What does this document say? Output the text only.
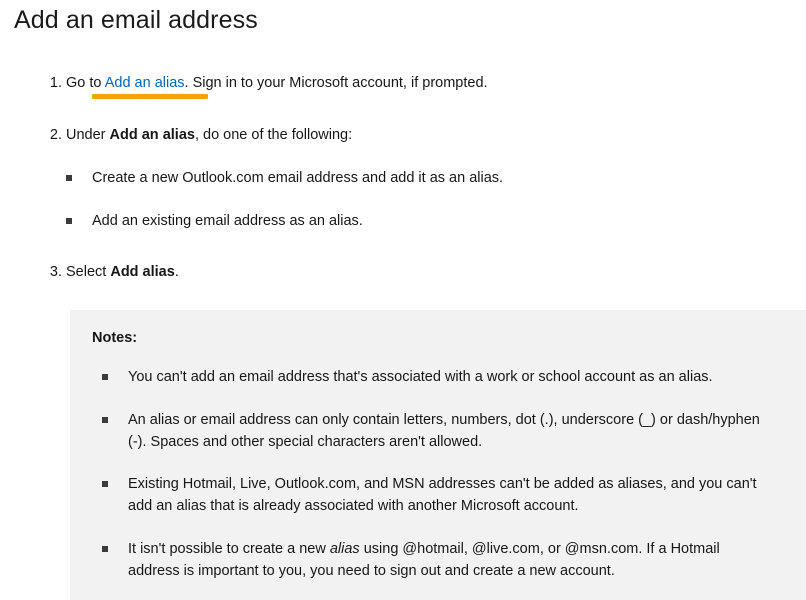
Add an email address
1. Go to Add an alias. Sign in to your Microsoft account, if prompted.
2. Under Add an alias, do one of the following:
Create a new Outlook.com email address and add it as an alias.
Add an existing email address as an alias.
3. Select Add alias.

Notes:

You can't add an email address that's associated with a work or school account as an alias.
An alias or email address can only contain letters, numbers, dot (.), underscore (_) or dash/hyphen (-). Spaces and other special characters aren't allowed.
Existing Hotmail, Live, Outlook.com, and MSN addresses can't be added as aliases, and you can't add an alias that is already associated with another Microsoft account.
It isn't possible to create a new alias using @hotmail, @live.com, or @msn.com. If a Hotmail address is important to you, you need to sign out and create a new account.
